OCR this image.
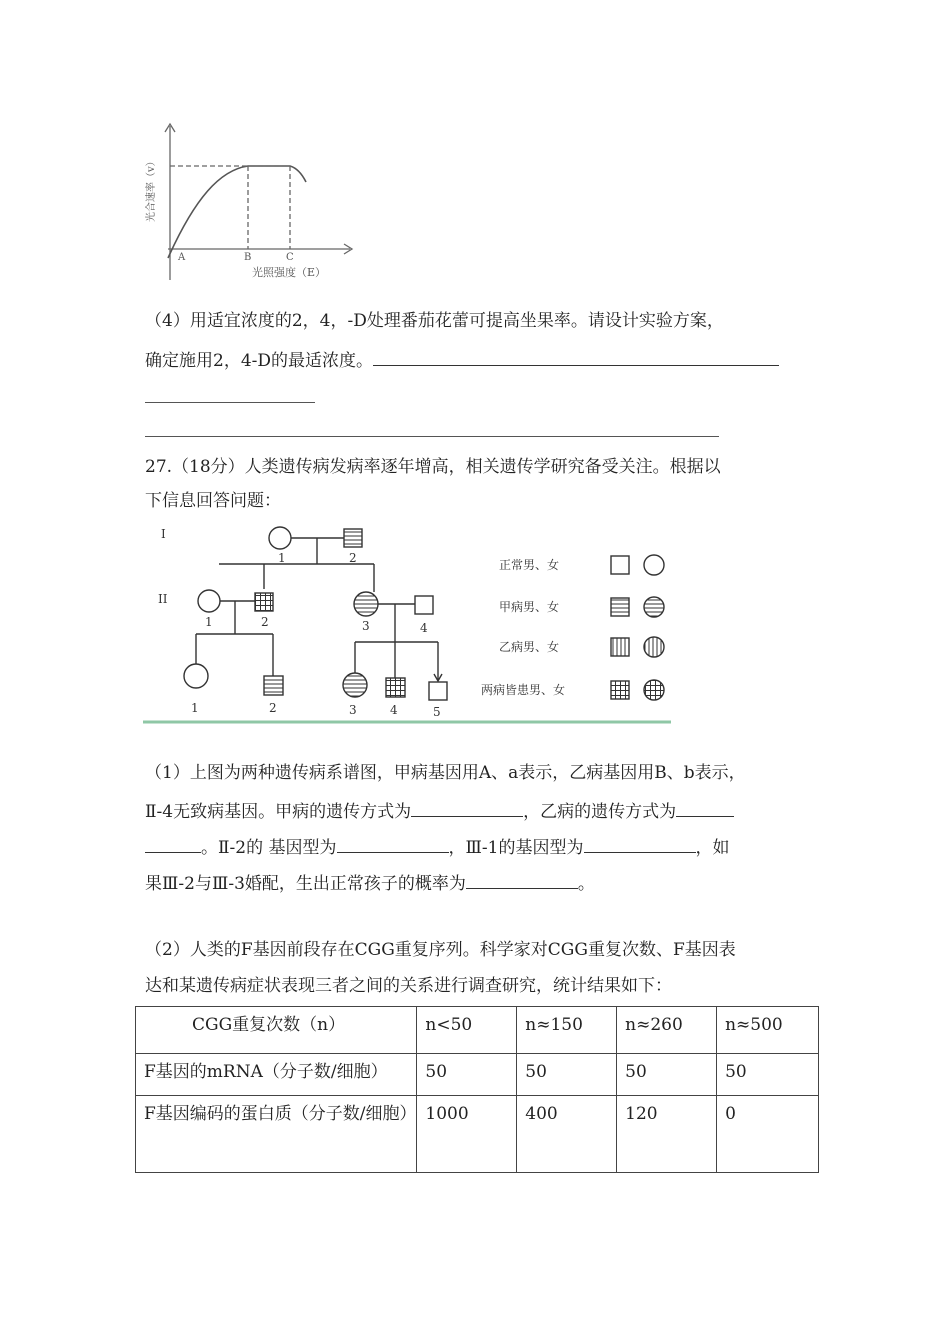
光合速率（v）
A	B	C
光照强度（E）
（4）用适宜浓度的2，4，-D处理番茄花蕾可提高坐果率。请设计实验方案，
确定施用2，4-D的最适浓度。
27.（18分）人类遗传病发病率逐年增高，相关遗传学研究备受关注。根据以
下信息回答问题：
I
II
1	2
1	2	3	4
1	2	3	4	5
正常男、女
甲病男、女
乙病男、女
两病皆患男、女
（1）上图为两种遗传病系谱图，甲病基因用A、a表示，乙病基因用B、b表示，
Ⅱ-4无致病基因。甲病的遗传方式为	，乙病的遗传方式为
。Ⅱ-2的 基因型为	，Ⅲ-1的基因型为	，如
果Ⅲ-2与Ⅲ-3婚配，生出正常孩子的概率为	。
（2）人类的F基因前段存在CGG重复序列。科学家对CGG重复次数、F基因表
达和某遗传病症状表现三者之间的关系进行调查研究，统计结果如下：
CGG重复次数（n）	n<50	n≈150	n≈260	n≈500
F基因的mRNA（分子数/细胞）	50	50	50	50
F基因编码的蛋白质（分子数/细胞）	1000	400	120	0
